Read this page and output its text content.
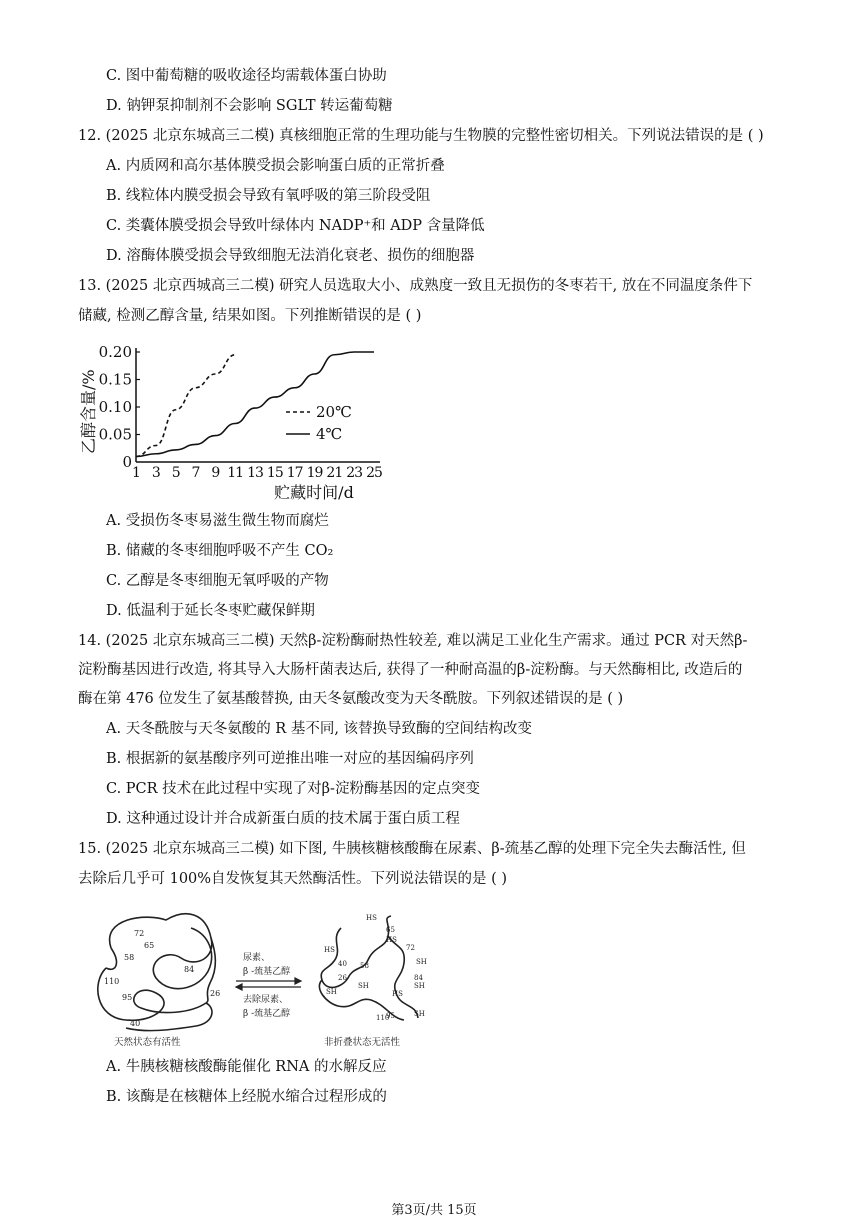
C. 图中葡萄糖的吸收途径均需载体蛋白协助
D. 钠钾泵抑制剂不会影响 SGLT 转运葡萄糖
12. (2025 北京东城高三二模) 真核细胞正常的生理功能与生物膜的完整性密切相关。下列说法错误的是 ( )
A. 内质网和高尔基体膜受损会影响蛋白质的正常折叠
B. 线粒体内膜受损会导致有氧呼吸的第三阶段受阻
C. 类囊体膜受损会导致叶绿体内 NADP⁺和 ADP 含量降低
D. 溶酶体膜受损会导致细胞无法消化衰老、损伤的细胞器
13. (2025 北京西城高三二模) 研究人员选取大小、成熟度一致且无损伤的冬枣若干, 放在不同温度条件下
储藏, 检测乙醇含量, 结果如图。下列推断错误的是 ( )
0
0.05
0.10
0.15
0.20
1 3 5 7 9 11 13 15 17 19 21 23 25
贮藏时间/d
乙醇含量/%	20℃
4℃
A. 受损伤冬枣易滋生微生物而腐烂
B. 储藏的冬枣细胞呼吸不产生 CO₂
C. 乙醇是冬枣细胞无氧呼吸的产物
D. 低温利于延长冬枣贮藏保鲜期
14. (2025 北京东城高三二模) 天然β-淀粉酶耐热性较差, 难以满足工业化生产需求。通过 PCR 对天然β-
淀粉酶基因进行改造, 将其导入大肠杆菌表达后, 获得了一种耐高温的β-淀粉酶。与天然酶相比, 改造后的
酶在第 476 位发生了氨基酸替换, 由天冬氨酸改变为天冬酰胺。下列叙述错误的是 ( )
A. 天冬酰胺与天冬氨酸的 R 基不同, 该替换导致酶的空间结构改变
B. 根据新的氨基酸序列可逆推出唯一对应的基因编码序列
C. PCR 技术在此过程中实现了对β-淀粉酶基因的定点突变
D. 这种通过设计并合成新蛋白质的技术属于蛋白质工程
15. (2025 北京东城高三二模) 如下图, 牛胰核糖核酸酶在尿素、β-巯基乙醇的处理下完全失去酶活性, 但
去除后几乎可 100%自发恢复其天然酶活性。下列说法错误的是 ( )
72
65
58
84
110
95	26
40
天然状态有活性
尿素、
β -巯基乙醇
去除尿素、
β -巯基乙醇
HS
65
HS
72
HS
40 58
26
SH
SH
SH
84
SH
HS
110
95	SH
非折叠状态无活性
A. 牛胰核糖核酸酶能催化 RNA 的水解反应
B. 该酶是在核糖体上经脱水缩合过程形成的
第3页/共 15页
